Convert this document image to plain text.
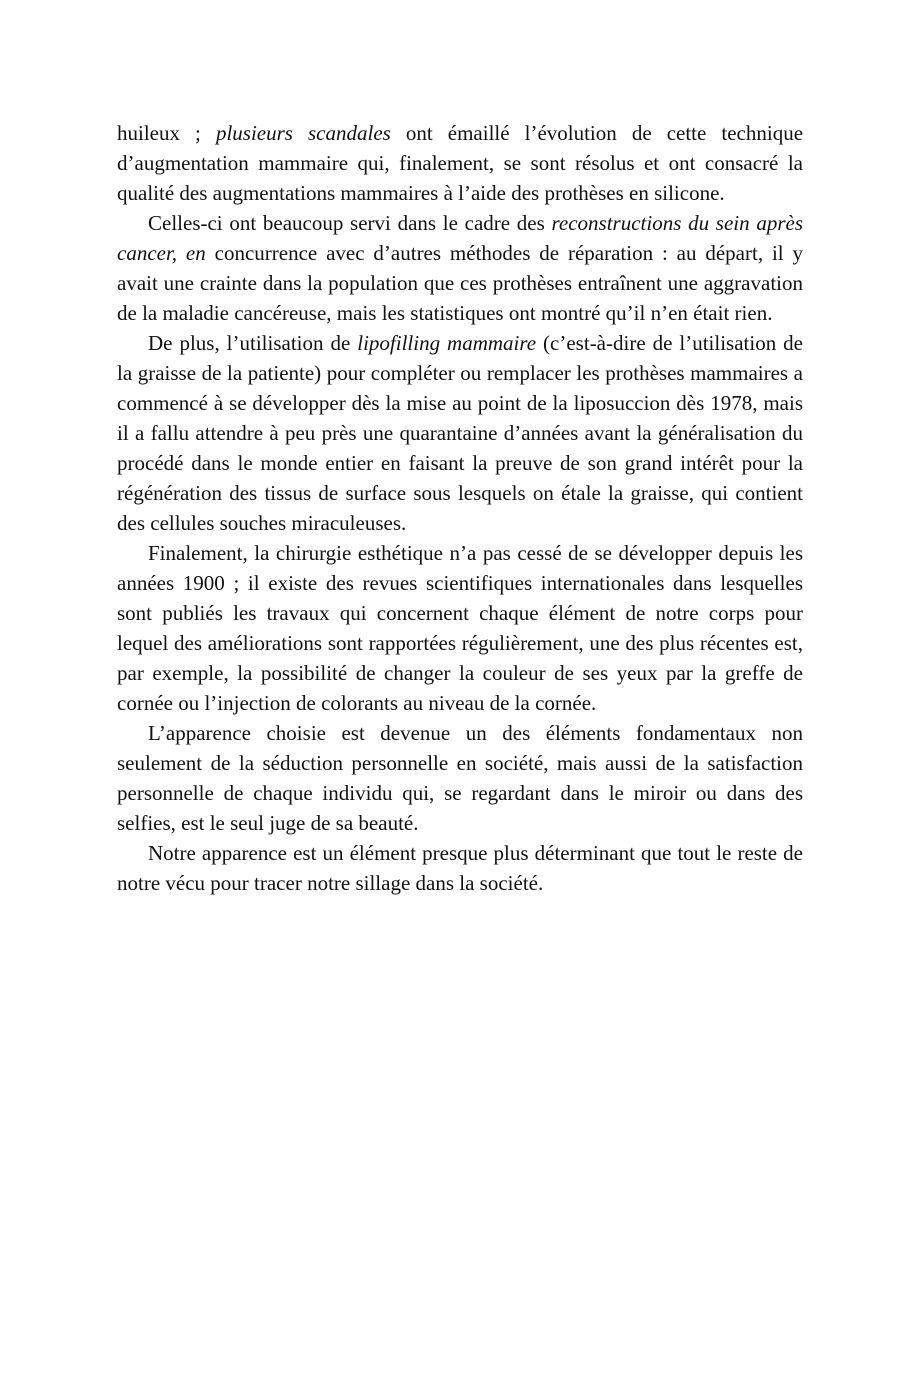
huileux ; plusieurs scandales ont émaillé l’évolution de cette technique d’augmentation mammaire qui, finalement, se sont résolus et ont consacré la qualité des augmentations mammaires à l’aide des prothèses en silicone.

Celles-ci ont beaucoup servi dans le cadre des reconstructions du sein après cancer, en concurrence avec d’autres méthodes de réparation : au départ, il y avait une crainte dans la population que ces prothèses entraînent une aggravation de la maladie cancéreuse, mais les statistiques ont montré qu’il n’en était rien.

De plus, l’utilisation de lipofilling mammaire (c’est-à-dire de l’utilisation de la graisse de la patiente) pour compléter ou remplacer les prothèses mammaires a commencé à se développer dès la mise au point de la liposuccion dès 1978, mais il a fallu attendre à peu près une quarantaine d’années avant la généralisation du procédé dans le monde entier en faisant la preuve de son grand intérêt pour la régénération des tissus de surface sous lesquels on étale la graisse, qui contient des cellules souches miraculeuses.

Finalement, la chirurgie esthétique n’a pas cessé de se développer depuis les années 1900 ; il existe des revues scientifiques internationales dans lesquelles sont publiés les travaux qui concernent chaque élément de notre corps pour lequel des améliorations sont rapportées régulièrement, une des plus récentes est, par exemple, la possibilité de changer la couleur de ses yeux par la greffe de cornée ou l’injection de colorants au niveau de la cornée.

L’apparence choisie est devenue un des éléments fondamentaux non seulement de la séduction personnelle en société, mais aussi de la satisfaction personnelle de chaque individu qui, se regardant dans le miroir ou dans des selfies, est le seul juge de sa beauté.

Notre apparence est un élément presque plus déterminant que tout le reste de notre vécu pour tracer notre sillage dans la société.
